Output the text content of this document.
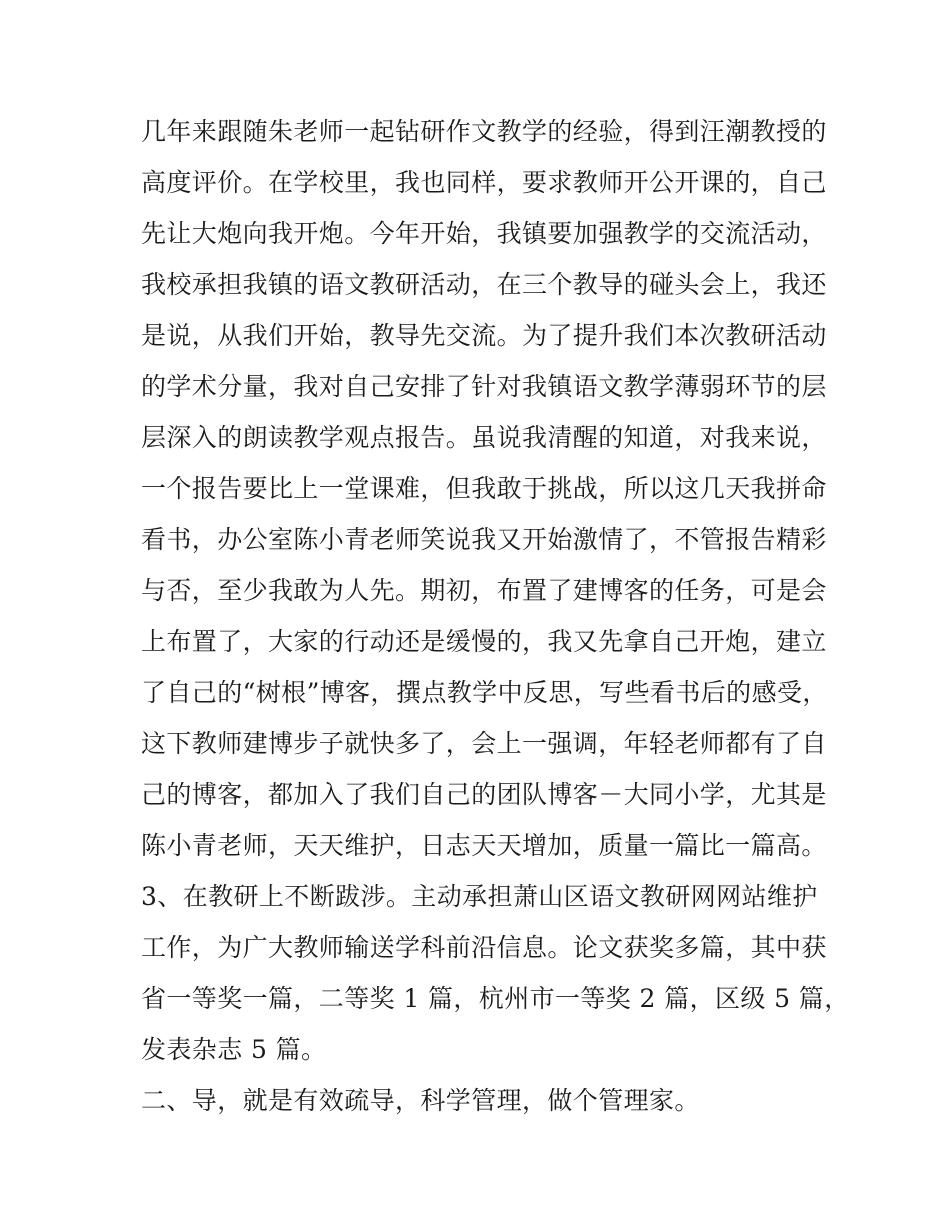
几年来跟随朱老师一起钻研作文教学的经验，得到汪潮教授的
高度评价。在学校里，我也同样，要求教师开公开课的，自己
先让大炮向我开炮。今年开始，我镇要加强教学的交流活动，
我校承担我镇的语文教研活动，在三个教导的碰头会上，我还
是说，从我们开始，教导先交流。为了提升我们本次教研活动
的学术分量，我对自己安排了针对我镇语文教学薄弱环节的层
层深入的朗读教学观点报告。虽说我清醒的知道，对我来说，
一个报告要比上一堂课难，但我敢于挑战，所以这几天我拼命
看书，办公室陈小青老师笑说我又开始激情了，不管报告精彩
与否，至少我敢为人先。期初，布置了建博客的任务，可是会
上布置了，大家的行动还是缓慢的，我又先拿自己开炮，建立
了自己的“树根”博客，撰点教学中反思，写些看书后的感受，
这下教师建博步子就快多了，会上一强调，年轻老师都有了自
己的博客，都加入了我们自己的团队博客－大同小学，尤其是
陈小青老师，天天维护，日志天天增加，质量一篇比一篇高。
3、在教研上不断跋涉。主动承担萧山区语文教研网网站维护
工作，为广大教师输送学科前沿信息。论文获奖多篇，其中获
省一等奖一篇，二等奖 1 篇，杭州市一等奖 2 篇，区级 5 篇，
发表杂志 5 篇。
二、导，就是有效疏导，科学管理，做个管理家。
